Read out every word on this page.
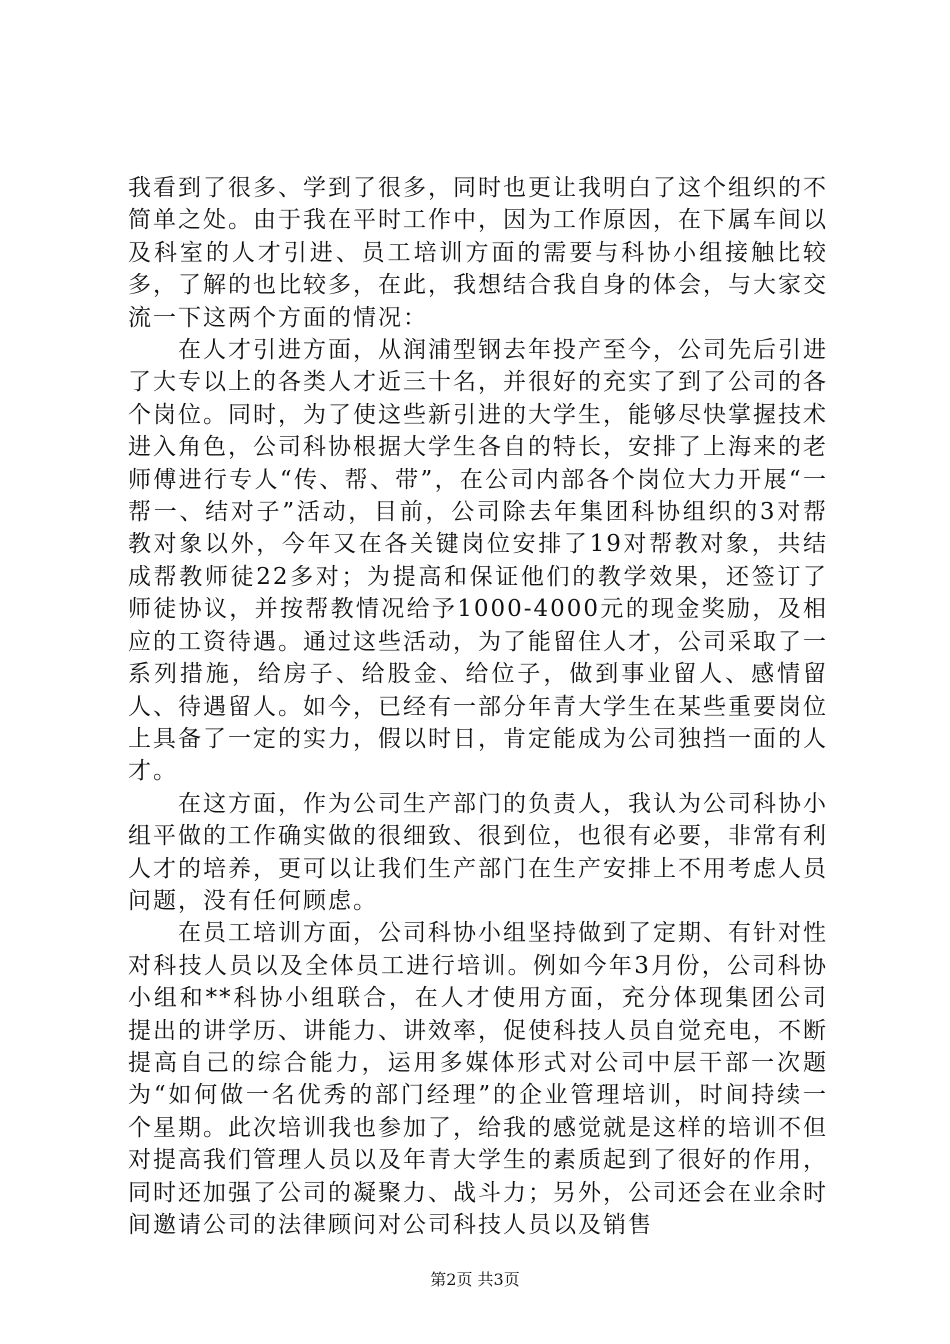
我看到了很多、学到了很多，同时也更让我明白了这个组织的不简单之处。由于我在平时工作中，因为工作原因，在下属车间以及科室的人才引进、员工培训方面的需要与科协小组接触比较多，了解的也比较多，在此，我想结合我自身的体会，与大家交流一下这两个方面的情况：

在人才引进方面，从润浦型钢去年投产至今，公司先后引进了大专以上的各类人才近三十名，并很好的充实了到了公司的各个岗位。同时，为了使这些新引进的大学生，能够尽快掌握技术进入角色，公司科协根据大学生各自的特长，安排了上海来的老师傅进行专人“传、帮、带”，在公司内部各个岗位大力开展“一帮一、结对子”活动，目前，公司除去年集团科协组织的3对帮教对象以外，今年又在各关键岗位安排了19对帮教对象，共结成帮教师徒22多对；为提高和保证他们的教学效果，还签订了师徒协议，并按帮教情况给予1000-4000元的现金奖励，及相应的工资待遇。通过这些活动，为了能留住人才，公司采取了一系列措施，给房子、给股金、给位子，做到事业留人、感情留人、待遇留人。如今，已经有一部分年青大学生在某些重要岗位上具备了一定的实力，假以时日，肯定能成为公司独挡一面的人才。

在这方面，作为公司生产部门的负责人，我认为公司科协小组平做的工作确实做的很细致、很到位，也很有必要，非常有利人才的培养，更可以让我们生产部门在生产安排上不用考虑人员问题，没有任何顾虑。

在员工培训方面，公司科协小组坚持做到了定期、有针对性对科技人员以及全体员工进行培训。例如今年3月份，公司科协小组和**科协小组联合，在人才使用方面，充分体现集团公司提出的讲学历、讲能力、讲效率，促使科技人员自觉充电，不断提高自己的综合能力，运用多媒体形式对公司中层干部一次题为“如何做一名优秀的部门经理”的企业管理培训，时间持续一个星期。此次培训我也参加了，给我的感觉就是这样的培训不但对提高我们管理人员以及年青大学生的素质起到了很好的作用，同时还加强了公司的凝聚力、战斗力；另外，公司还会在业余时间邀请公司的法律顾问对公司科技人员以及销售

第2页 共3页
